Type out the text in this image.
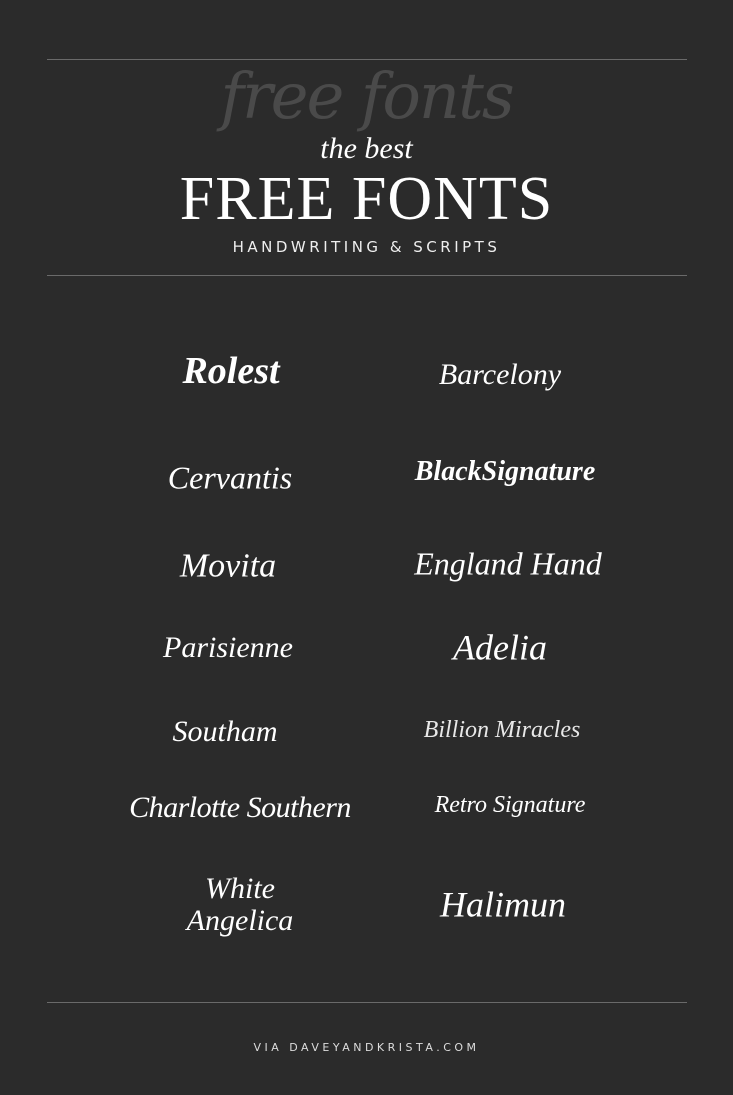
free fonts
the best
FREE FONTS
HANDWRITING & SCRIPTS
Rolest	Barcelony
Cervantis	BlackSignature
Movita	England Hand
Parisienne	Adelia
Southam	Billion Miracles
Charlotte Southern	Retro Signature
White Angelica	Halimun
VIA DAVEYANDKRISTA.COM
